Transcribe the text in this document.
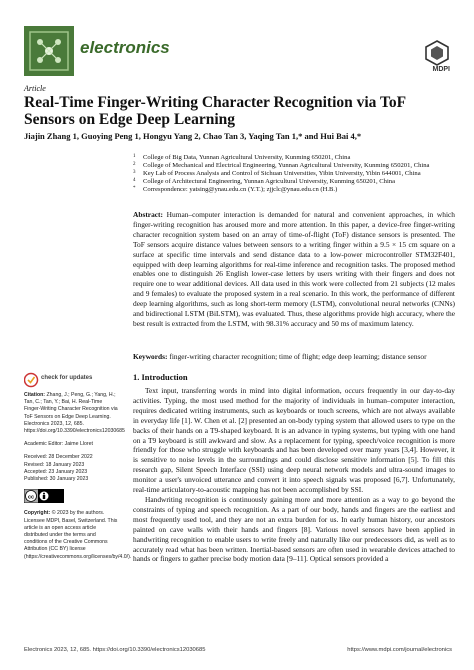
electronics
MDPI
Article
Real-Time Finger-Writing Character Recognition via ToF Sensors on Edge Deep Learning
Jiajin Zhang 1, Guoying Peng 1, Hongyu Yang 2, Chao Tan 3, Yaqing Tan 1,* and Hui Bai 4,*
1 College of Big Data, Yunnan Agricultural University, Kunming 650201, China
2 College of Mechanical and Electrical Engineering, Yunnan Agricultural University, Kunming 650201, China
3 Key Lab of Process Analysis and Control of Sichuan Universities, Yibin University, Yibin 644001, China
4 College of Architectural Engineering, Yunnan Agricultural University, Kunming 650201, China
* Correspondence: yatsing@ynau.edu.cn (Y.T.); zjjclc@ynau.edu.cn (H.B.)
Abstract: Human–computer interaction is demanded for natural and convenient approaches, in which finger-writing recognition has aroused more and more attention. In this paper, a device-free finger-writing character recognition system based on an array of time-of-flight (ToF) distance sensors is presented. The ToF sensors acquire distance values between sensors to a writing finger within a 9.5 × 15 cm square on a surface at specific time intervals and send distance data to a low-power microcontroller STM32F401, equipped with deep learning algorithms for real-time inference and recognition tasks. The proposed method enables one to distinguish 26 English lower-case letters by users writing with their fingers and does not require one to wear additional devices. All data used in this work were collected from 21 subjects (12 males and 9 females) to evaluate the proposed system in a real scenario. In this work, the performance of different deep learning algorithms, such as long short-term memory (LSTM), convolutional neural networks (CNNs) and bidirectional LSTM (BiLSTM), was evaluated. Thus, these algorithms provide high accuracy, where the best result is extracted from the LSTM, with 98.31% accuracy and 50 ms of maximum latency.
Keywords: finger-writing character recognition; time of flight; edge deep learning; distance sensor
check for updates
Citation: Zhang, J.; Peng, G.; Yang, H.; Tan, C.; Tan, Y.; Bai, H. Real-Time Finger-Writing Character Recognition via ToF Sensors on Edge Deep Learning. Electronics 2023, 12, 685. https://doi.org/10.3390/electronics12030685
Academic Editor: Jaime Lloret
Received: 28 December 2022
Revised: 18 January 2023
Accepted: 23 January 2023
Published: 30 January 2023
cc
Copyright: © 2023 by the authors. Licensee MDPI, Basel, Switzerland. This article is an open access article distributed under the terms and conditions of the Creative Commons Attribution (CC BY) license (https://creativecommons.org/licenses/by/4.0/).
1. Introduction

Text input, transferring words in mind into digital information, occurs frequently in our day-to-day activities. Typing, the most used method for the majority of individuals in human–computer interaction, requires dedicated writing instruments, such as keyboards or touch screens, which are not always available in everyday life [1]. W. Chen et al. [2] presented an on-body typing system that allowed users to type on the backs of their hands on a T9-shaped keyboard. It is an advance in typing systems, but typing with one hand on a T9 keyboard is still awkward and slow. As a replacement for typing, speech/voice recognition is more friendly for those who struggle with keyboards and has been developed over many years [3,4]. However, it is sensitive to noise levels in the surroundings and could disclose sensitive information [5]. To fill this research gap, Silent Speech Interface (SSI) using deep neural network models and ultra-sound images to monitor a user's unvoiced utterance and convert it into speech signals was proposed [6,7]. Unfortunately, real-time articulatory-to-acoustic mapping has not been accomplished by SSI.

Handwriting recognition is continuously gaining more and more attention as a way to go beyond the constraints of typing and speech recognition. As a part of our body, hands and fingers are the earliest and most frequently used tool, and they are not an extra burden for us. In early human history, our ancestors painted on cave walls with their hands and fingers [8]. Various novel sensors have been applied in handwriting recognition to enable users to write freely and naturally like our predecessors did, as well as to accurately read what has been written. Inertial-based sensors are often used in wearable devices attached to hands or fingers to gather precise body motion data [9–11]. Optical sensors provided a

Electronics 2023, 12, 685. https://doi.org/10.3390/electronics12030685	https://www.mdpi.com/journal/electronics
